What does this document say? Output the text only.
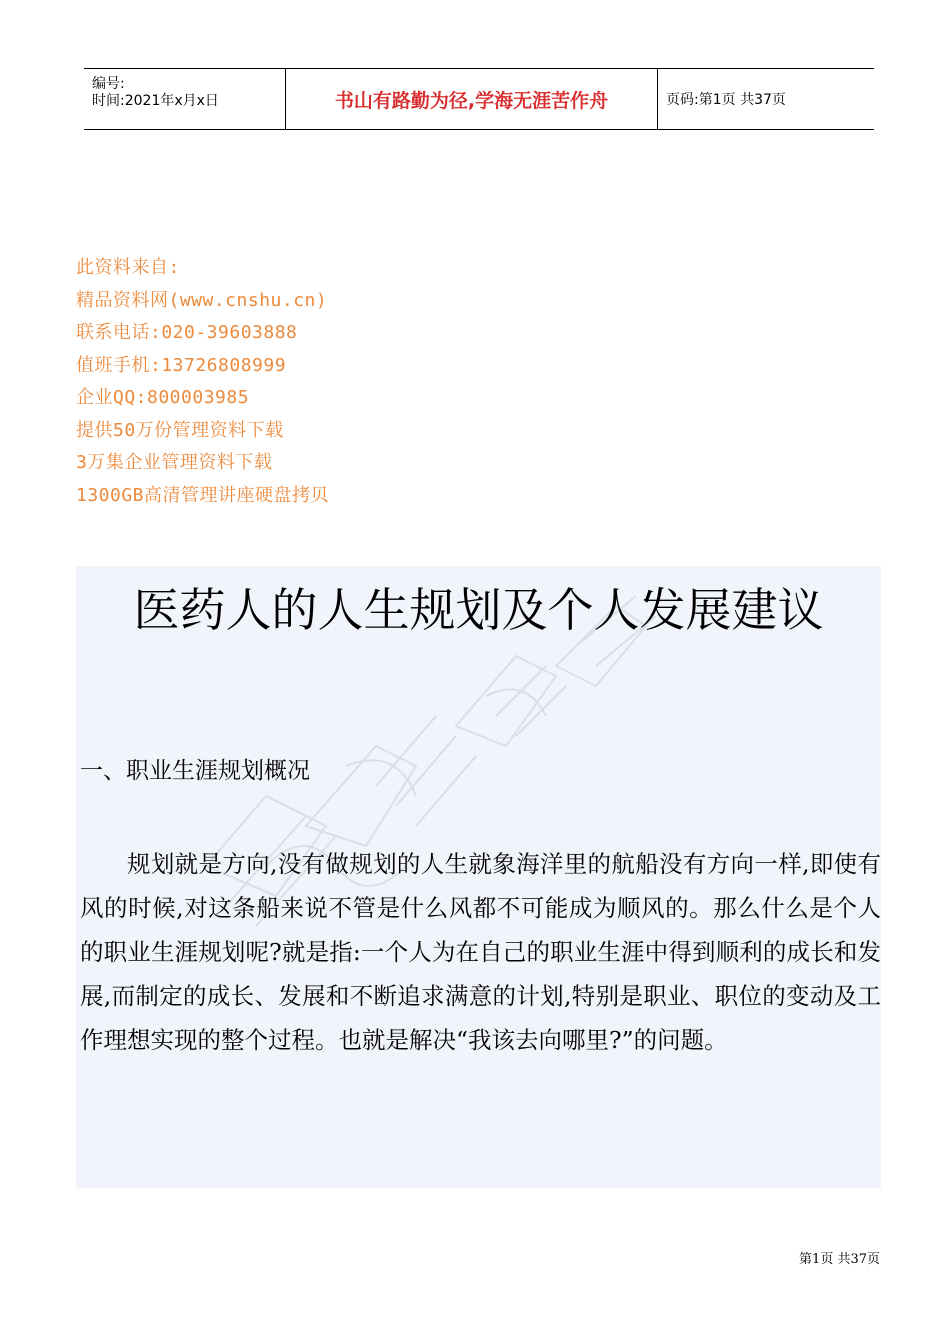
编号:
时间:2021年x月x日	书山有路勤为径,学海无涯苦作舟	页码:第1页 共37页
此资料来自:
精品资料网(www.cnshu.cn)
联系电话:020-39603888
值班手机:13726808999
企业QQ:800003985
提供50万份管理资料下载
3万集企业管理资料下载
1300GB高清管理讲座硬盘拷贝
医药人的人生规划及个人发展建议
一、职业生涯规划概况

规划就是方向,没有做规划的人生就象海洋里的航船没有方向一样,即使有风的时候,对这条船来说不管是什么风都不可能成为顺风的。那么什么是个人的职业生涯规划呢?就是指:一个人为在自己的职业生涯中得到顺利的成长和发展,而制定的成长、发展和不断追求满意的计划,特别是职业、职位的变动及工作理想实现的整个过程。也就是解决“我该去向哪里?”的问题。

第1页 共37页
